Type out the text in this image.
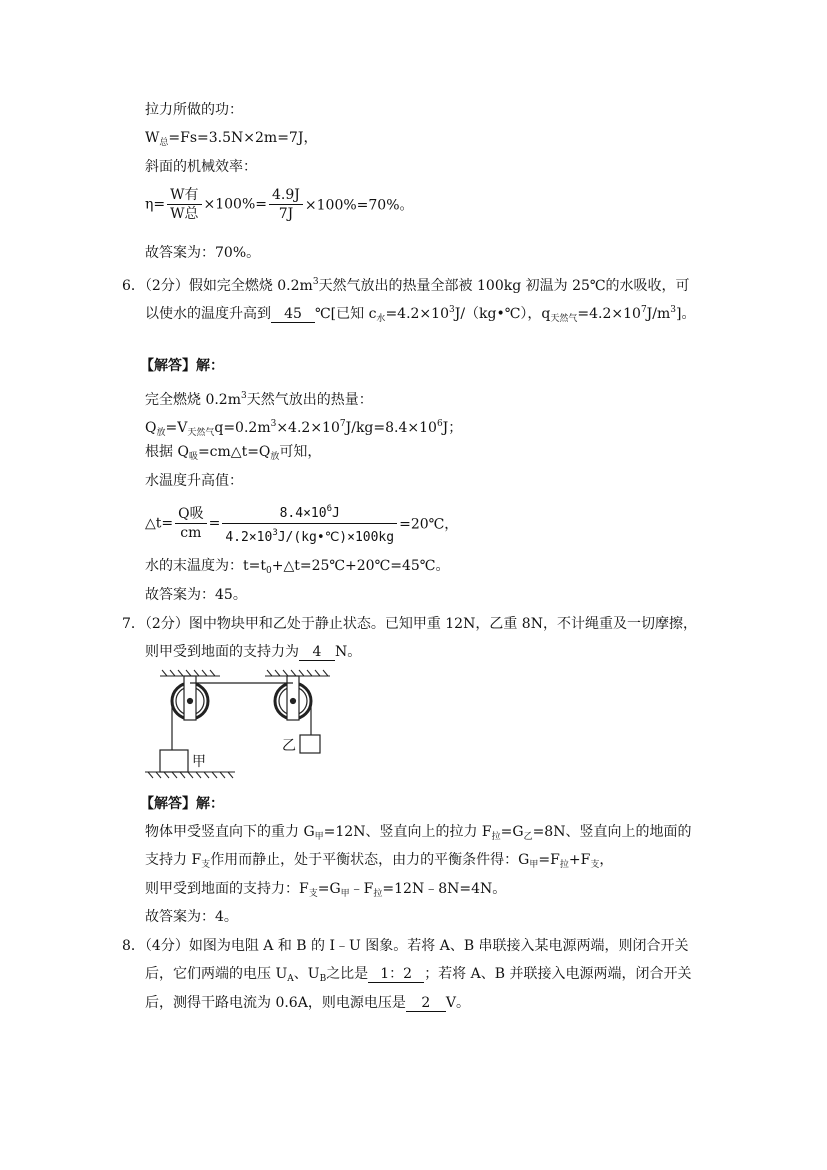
拉力所做的功：
$W_总=Fs=3.5N\times 2m=7J$，
斜面的机械效率：
$\eta= \frac{\text{W有}}{\text{W总}} \times 100\%= \frac{4.9J}{7J} \times 100\%=70\%$。
故答案为：70%。
6．（2分）假如完全燃烧 $0.2m^3$天然气放出的热量全部被 100kg 初温为 25℃的水吸收，可
以使水的温度升高到 45 ℃[已知 $c_水=4.2\times 10^3J/(kg•℃)$，$q_{天然气}=4.2\times 10^7J/m^3$]。
【解答】解：
完全燃烧 $0.2m^3$天然气放出的热量：
$Q_放=V_{天然气}q=0.2m^3\times 4.2\times 10^7J/kg=8.4\times 10^6J$；
根据 $Q_吸=cm\triangle t=Q_放$可知，
水温度升高值：
△t= $\frac{\text{Q吸}}{cm} = \frac{8.4\times 10^6J}{4.2\times 10^3J/(kg•℃)\times 100kg}$ =20℃，
水的末温度为：$t=t_0+\triangle t=25℃+20℃=45℃$。
故答案为：45。
7．（2分）图中物块甲和乙处于静止状态。已知甲重 12N，乙重 8N，不计绳重及一切摩擦，
则甲受到地面的支持力为 4 N。
甲
乙
【解答】解：
物体甲受竖直向下的重力 $G_甲=12N$、竖直向上的拉力 $F_拉=G_乙=8N$、竖直向上的地面的
支持力 $F_支$作用而静止，处于平衡状态，由力的平衡条件得：$G_甲=F_拉+F_支$，
则甲受到地面的支持力：$F_支=G_甲﹣F_拉=12N﹣8N=4N$。
故答案为：4。
8．（4分）如图为电阻 A 和 B 的 I﹣U 图象。若将 A、B 串联接入某电源两端，则闭合开关
后，它们两端的电压 $U_A$、$U_B$之比是 1：2 ；若将 A、B 并联接入电源两端，闭合开关
后，测得干路电流为 0.6A，则电源电压是 2 V。
